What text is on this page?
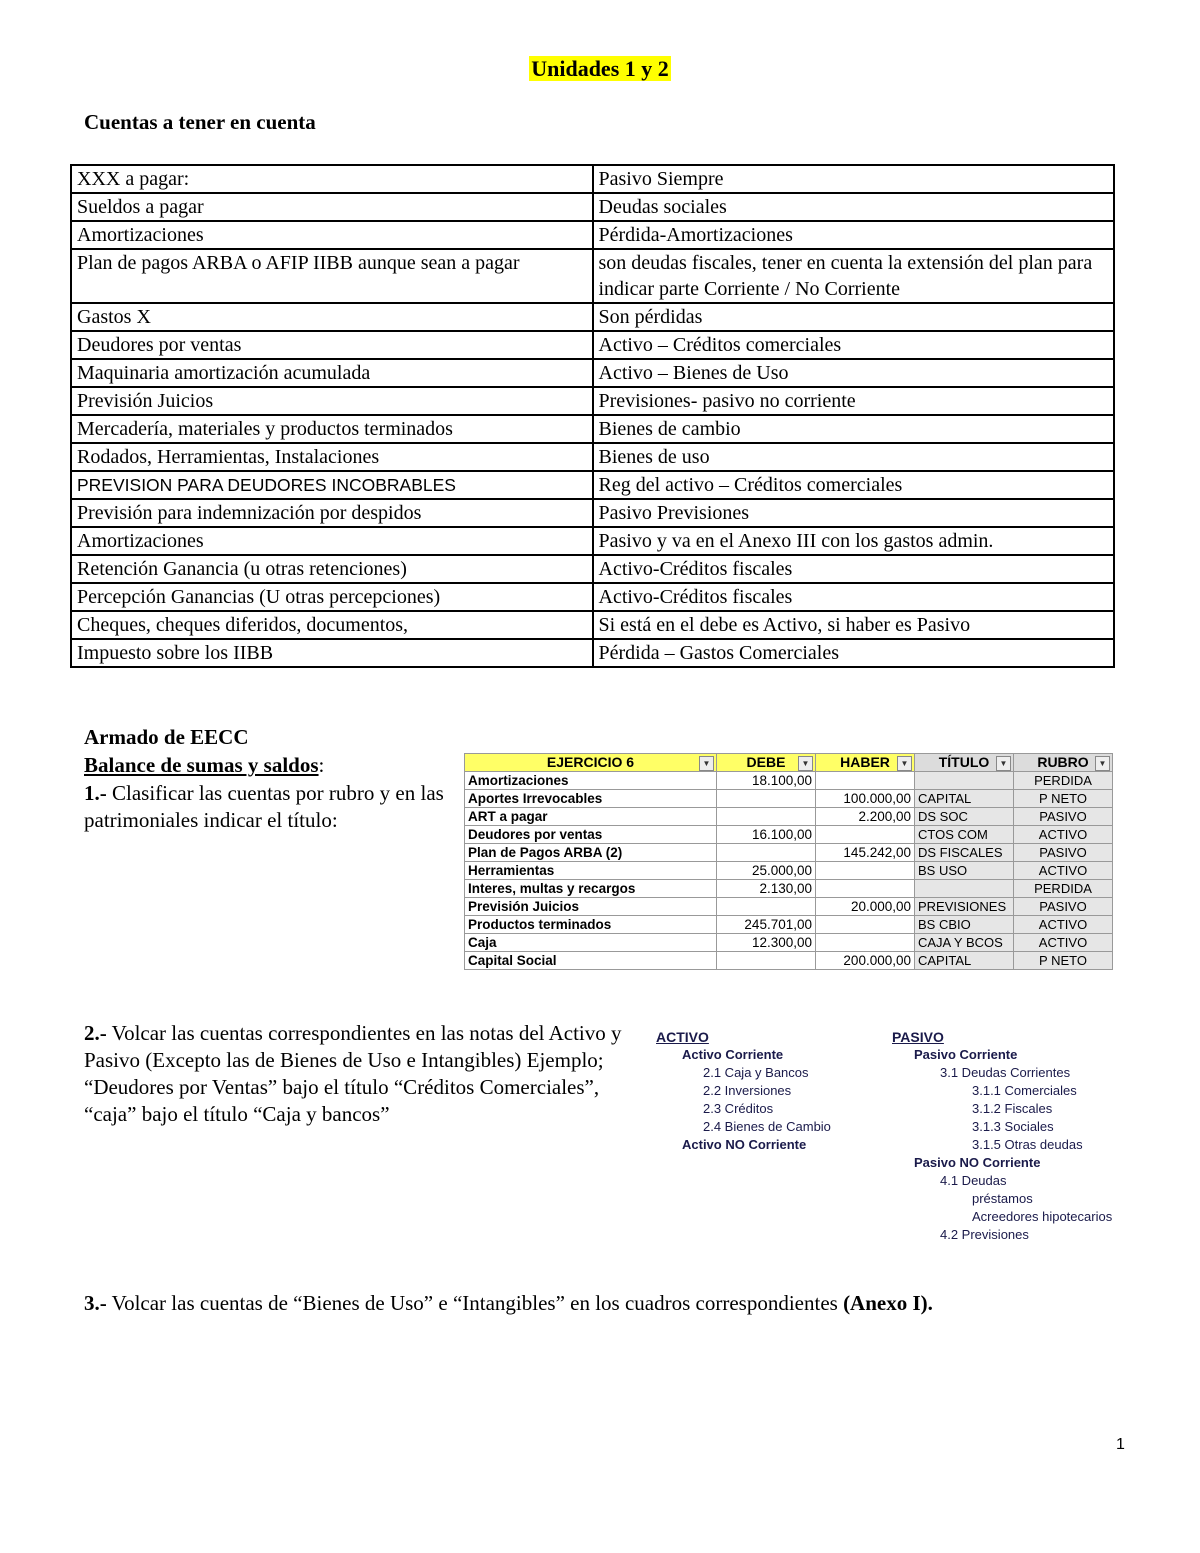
Unidades 1 y 2
Cuentas a tener en cuenta
XXX a pagar:	Pasivo Siempre
Sueldos a pagar	Deudas sociales
Amortizaciones	Pérdida-Amortizaciones
Plan de pagos ARBA o AFIP IIBB aunque sean a pagar	son deudas fiscales, tener en cuenta la extensión del plan para indicar parte Corriente / No Corriente
Gastos X	Son pérdidas
Deudores por ventas	Activo – Créditos comerciales
Maquinaria amortización acumulada	Activo – Bienes de Uso
Previsión Juicios	Previsiones- pasivo no corriente
Mercadería, materiales y productos terminados	Bienes de cambio
Rodados, Herramientas, Instalaciones	Bienes de uso
PREVISION PARA DEUDORES INCOBRABLES	Reg del activo – Créditos comerciales
Previsión para indemnización por despidos	Pasivo Previsiones
Amortizaciones	Pasivo y va en el Anexo III con los gastos admin.
Retención Ganancia (u otras retenciones)	Activo-Créditos fiscales
Percepción Ganancias (U otras percepciones)	Activo-Créditos fiscales
Cheques, cheques diferidos, documentos,	Si está en el debe es Activo, si haber es Pasivo
Impuesto sobre los IIBB	Pérdida – Gastos Comerciales
Armado de EECC
Balance de sumas y saldos:
1.- Clasificar las cuentas por rubro y en las patrimoniales indicar el título:
EJERCICIO 6 ▼	DEBE ▼	HABER ▼	TÍTULO ▼	RUBRO ▼

Amortizaciones	18.100,00			PERDIDA
Aportes Irrevocables		100.000,00	CAPITAL	P NETO
ART a pagar		2.200,00	DS SOC	PASIVO
Deudores por ventas	16.100,00		CTOS COM	ACTIVO
Plan de Pagos ARBA (2)		145.242,00	DS FISCALES	PASIVO
Herramientas	25.000,00		BS USO	ACTIVO
Interes, multas y recargos	2.130,00			PERDIDA
Previsión Juicios		20.000,00	PREVISIONES	PASIVO
Productos terminados	245.701,00		BS CBIO	ACTIVO
Caja	12.300,00		CAJA Y BCOS	ACTIVO
Capital Social		200.000,00	CAPITAL	P NETO
2.- Volcar las cuentas correspondientes en las notas del Activo y Pasivo (Excepto las de Bienes de Uso e Intangibles) Ejemplo; “Deudores por Ventas” bajo el título “Créditos Comerciales”, “caja” bajo el título “Caja y bancos”
ACTIVO
Activo Corriente
2.1 Caja y Bancos
2.2 Inversiones
2.3 Créditos
2.4 Bienes de Cambio
Activo NO Corriente
PASIVO
Pasivo Corriente
3.1 Deudas Corrientes
3.1.1 Comerciales
3.1.2 Fiscales
3.1.3 Sociales
3.1.5 Otras deudas
Pasivo NO Corriente
4.1 Deudas
préstamos
Acreedores hipotecarios
4.2 Previsiones
3.- Volcar las cuentas de “Bienes de Uso” e “Intangibles” en los cuadros correspondientes (Anexo I).
1
